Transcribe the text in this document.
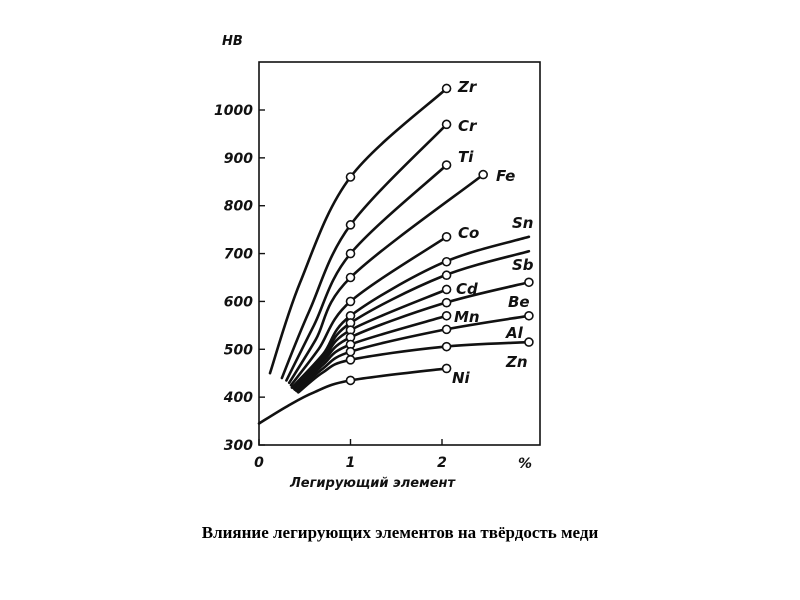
НВ
Легирующий элемент
%
300
400
500
600
700
800
900
1000
0	1	2
Zr
Cr
Ti
Fe
Co
Sn
Sb
Cd
Be
Mn
Al
Zn
Ni
Влияние легирующих элементов на твёрдость меди
